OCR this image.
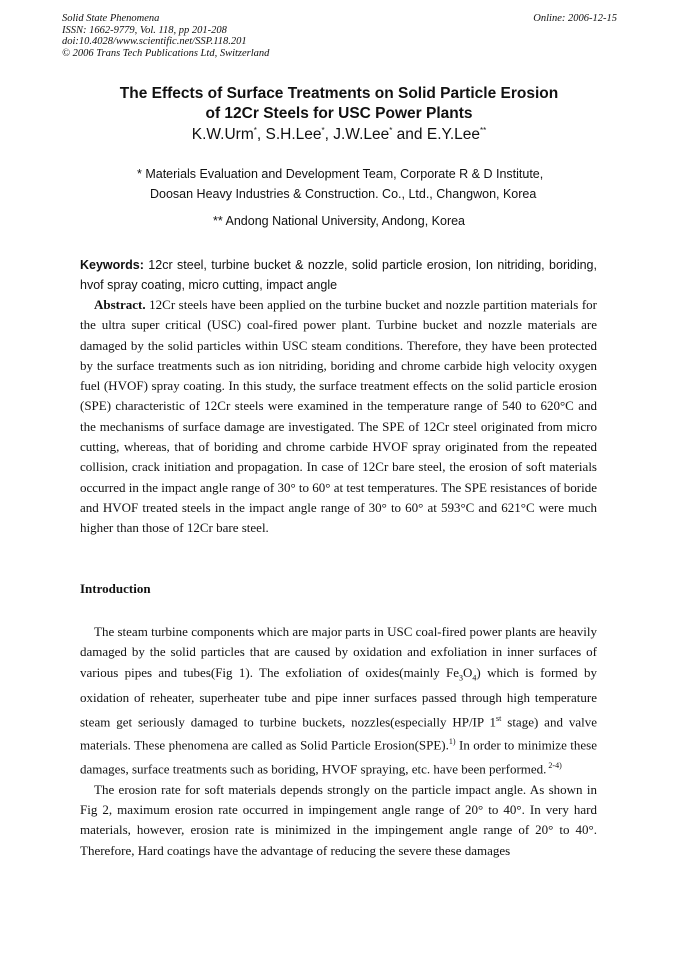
Solid State Phenomena
ISSN: 1662-9779, Vol. 118, pp 201-208
doi:10.4028/www.scientific.net/SSP.118.201
© 2006 Trans Tech Publications Ltd, Switzerland
Online: 2006-12-15
The Effects of Surface Treatments on Solid Particle Erosion
of 12Cr Steels for USC Power Plants
K.W.Urm*, S.H.Lee*, J.W.Lee* and E.Y.Lee**
* Materials Evaluation and Development Team, Corporate R & D Institute,
Doosan Heavy Industries & Construction. Co., Ltd., Changwon, Korea
** Andong National University, Andong, Korea
Keywords: 12cr steel, turbine bucket & nozzle, solid particle erosion, Ion nitriding, boriding, hvof spray coating, micro cutting, impact angle
Abstract. 12Cr steels have been applied on the turbine bucket and nozzle partition materials for the ultra super critical (USC) coal-fired power plant. Turbine bucket and nozzle materials are damaged by the solid particles within USC steam conditions. Therefore, they have been protected by the surface treatments such as ion nitriding, boriding and chrome carbide high velocity oxygen fuel (HVOF) spray coating. In this study, the surface treatment effects on the solid particle erosion (SPE) characteristic of 12Cr steels were examined in the temperature range of 540 to 620°C and the mechanisms of surface damage are investigated. The SPE of 12Cr steel originated from micro cutting, whereas, that of boriding and chrome carbide HVOF spray originated from the repeated collision, crack initiation and propagation. In case of 12Cr bare steel, the erosion of soft materials occurred in the impact angle range of 30° to 60° at test temperatures. The SPE resistances of boride and HVOF treated steels in the impact angle range of 30° to 60° at 593°C and 621°C were much higher than those of 12Cr bare steel.
Introduction

The steam turbine components which are major parts in USC coal-fired power plants are heavily damaged by the solid particles that are caused by oxidation and exfoliation in inner surfaces of various pipes and tubes(Fig 1). The exfoliation of oxides(mainly $Fe_3O_4$) which is formed by oxidation of reheater, superheater tube and pipe inner surfaces passed through high temperature steam get seriously damaged to turbine buckets, nozzles(especially HP/IP 1st stage) and valve materials. These phenomena are called as Solid Particle Erosion(SPE).$^{1)}$ In order to minimize these damages, surface treatments such as boriding, HVOF spraying, etc. have been performed. $^{2-4)}$

The erosion rate for soft materials depends strongly on the particle impact angle. As shown in Fig 2, maximum erosion rate occurred in impingement angle range of 20° to 40°. In very hard materials, however, erosion rate is minimized in the impingement angle range of 20° to 40°. Therefore, Hard coatings have the advantage of reducing the severe these damages
